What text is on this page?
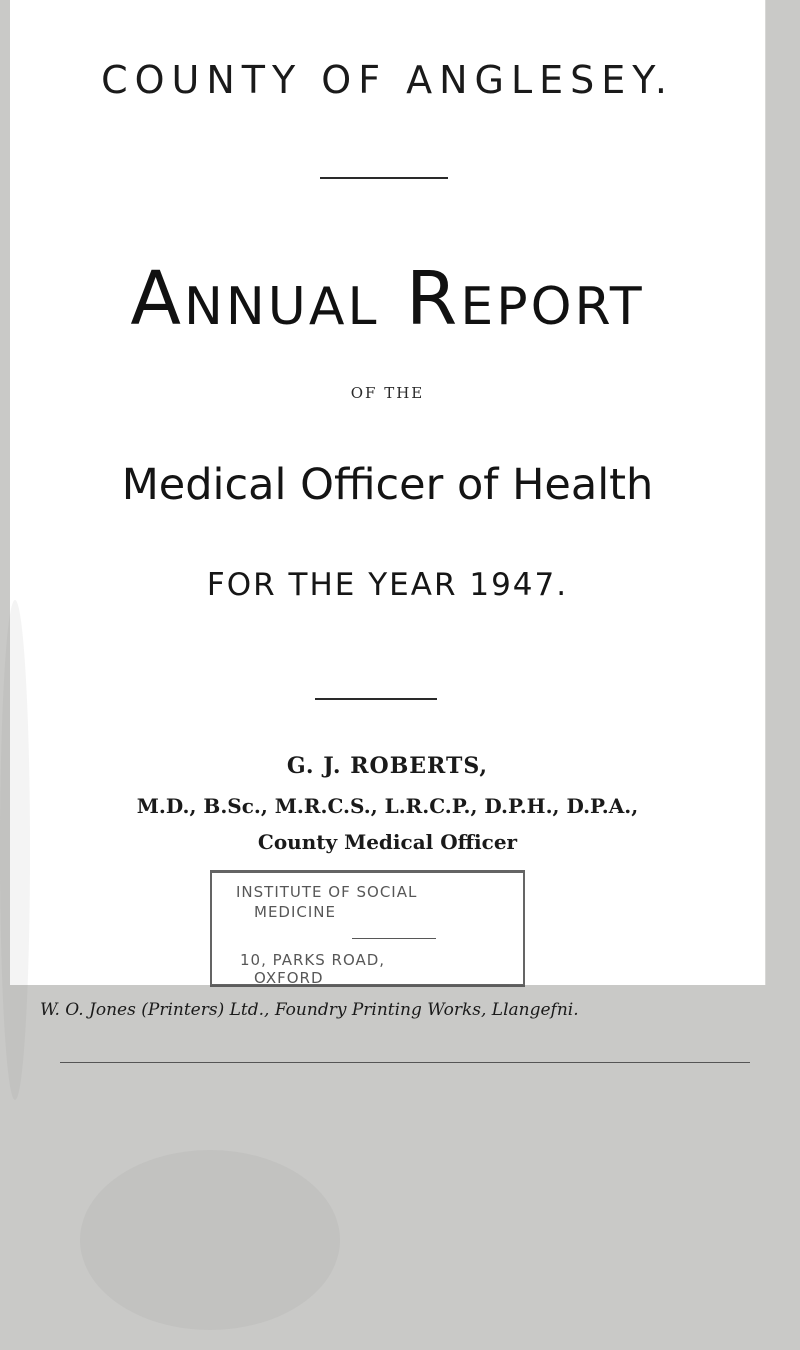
COUNTY OF ANGLESEY.
Annual Report
OF THE
Medical Officer of Health
FOR THE YEAR 1947.
G. J. ROBERTS,
M.D., B.Sc., M.R.C.S., L.R.C.P., D.P.H., D.P.A.,
County Medical Officer
INSTITUTE OF SOCIAL
MEDICINE
10, PARKS ROAD,
OXFORD
W. O. Jones (Printers) Ltd., Foundry Printing Works, Llangefni.
